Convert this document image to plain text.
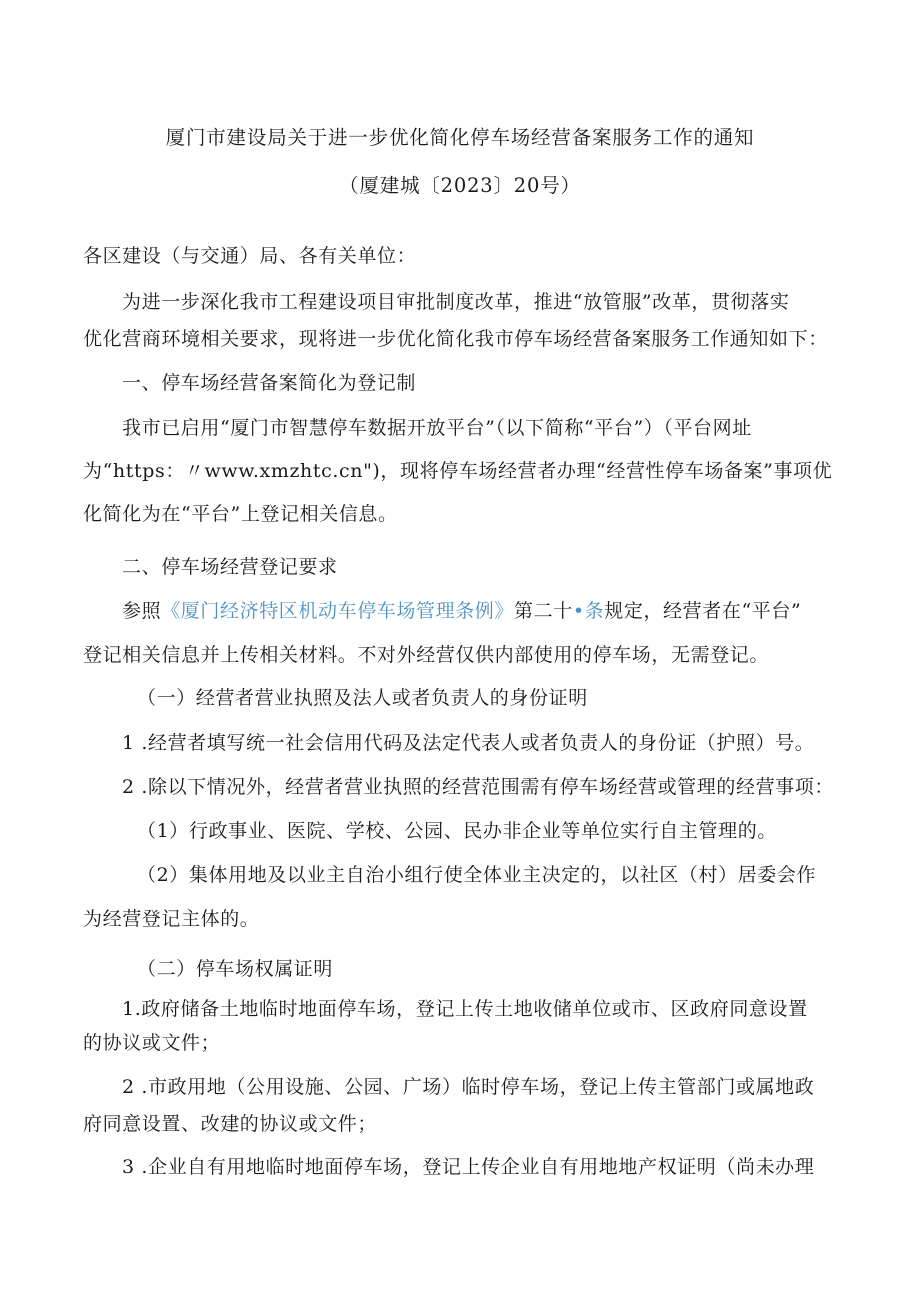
厦门市建设局关于进一步优化简化停车场经营备案服务工作的通知
（厦建城〔2023〕20号）
各区建设（与交通）局、各有关单位：
为进一步深化我市工程建设项目审批制度改革，推进“放管服”改革，贯彻落实
优化营商环境相关要求，现将进一步优化简化我市停车场经营备案服务工作通知如下：
一、停车场经营备案简化为登记制
我市已启用“厦门市智慧停车数据开放平台”（以下简称“平台”）（平台网址
为“https：〃www.xmzhtc.cn")，现将停车场经营者办理“经营性停车场备案”事项优
化简化为在“平台”上登记相关信息。
二、停车场经营登记要求
参照《厦门经济特区机动车停车场管理条例》第二十•条规定，经营者在“平台”
登记相关信息并上传相关材料。不对外经营仅供内部使用的停车场，无需登记。
（一）经营者营业执照及法人或者负责人的身份证明
1 .经营者填写统一社会信用代码及法定代表人或者负责人的身份证（护照）号。
2 .除以下情况外，经营者营业执照的经营范围需有停车场经营或管理的经营事项：
（1）行政事业、医院、学校、公园、民办非企业等单位实行自主管理的。
（2）集体用地及以业主自治小组行使全体业主决定的，以社区（村）居委会作
为经营登记主体的。
（二）停车场权属证明
1.政府储备土地临时地面停车场，登记上传土地收储单位或市、区政府同意设置
的协议或文件；
2 .市政用地（公用设施、公园、广场）临时停车场，登记上传主管部门或属地政
府同意设置、改建的协议或文件；
3 .企业自有用地临时地面停车场，登记上传企业自有用地地产权证明（尚未办理
